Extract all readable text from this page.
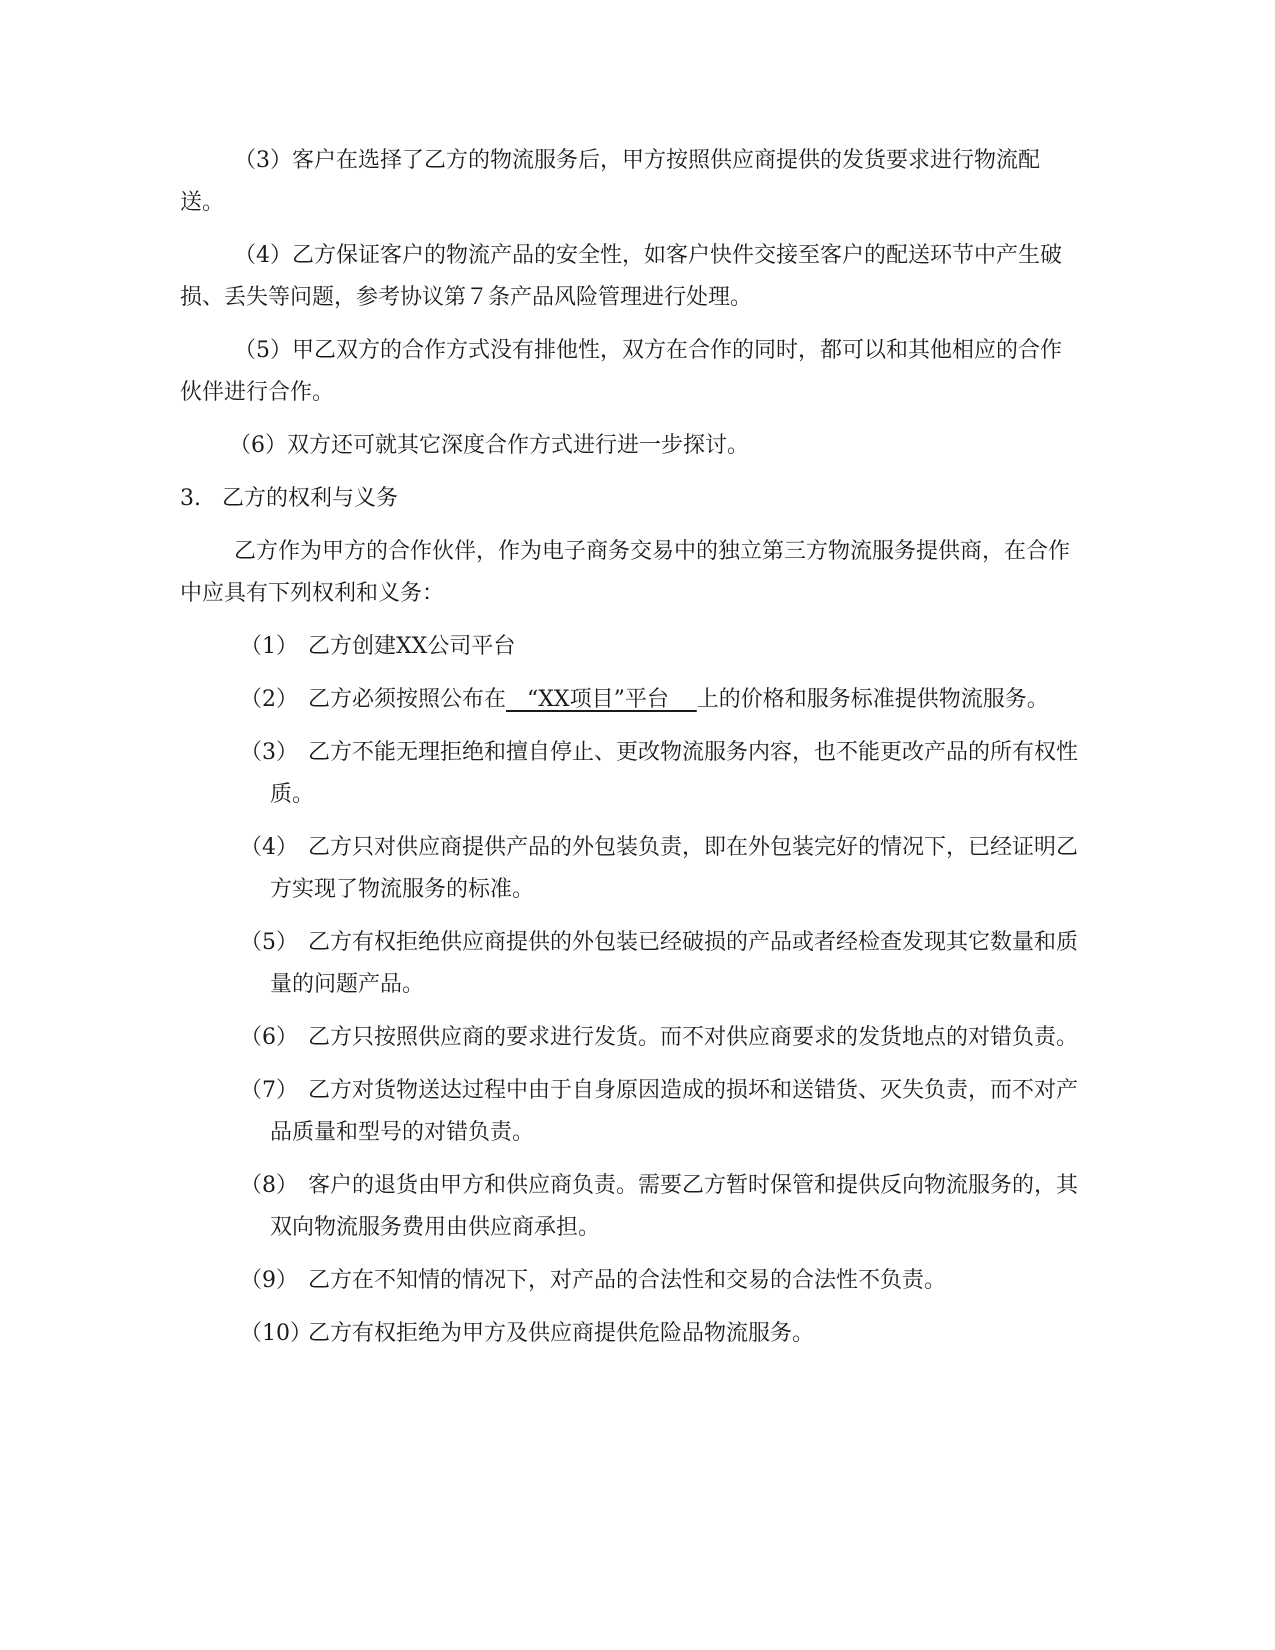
（3）客户在选择了乙方的物流服务后，甲方按照供应商提供的发货要求进行物流配送。

（4）乙方保证客户的物流产品的安全性，如客户快件交接至客户的配送环节中产生破损、丢失等问题，参考协议第７条产品风险管理进行处理。

（5）甲乙双方的合作方式没有排他性，双方在合作的同时，都可以和其他相应的合作伙伴进行合作。

（6）双方还可就其它深度合作方式进行进一步探讨。

3. 乙方的权利与义务

乙方作为甲方的合作伙伴，作为电子商务交易中的独立第三方物流服务提供商，在合作中应具有下列权利和义务：

（1） 乙方创建XX公司平台

（2） 乙方必须按照公布在   “XX项目”平台    上的价格和服务标准提供物流服务。

（3） 乙方不能无理拒绝和擅自停止、更改物流服务内容，也不能更改产品的所有权性质。

（4） 乙方只对供应商提供产品的外包装负责，即在外包装完好的情况下，已经证明乙方实现了物流服务的标准。

（5） 乙方有权拒绝供应商提供的外包装已经破损的产品或者经检查发现其它数量和质量的问题产品。

（6） 乙方只按照供应商的要求进行发货。而不对供应商要求的发货地点的对错负责。

（7） 乙方对货物送达过程中由于自身原因造成的损坏和送错货、灭失负责，而不对产品质量和型号的对错负责。

（8） 客户的退货由甲方和供应商负责。需要乙方暂时保管和提供反向物流服务的，其双向物流服务费用由供应商承担。

（9） 乙方在不知情的情况下，对产品的合法性和交易的合法性不负责。

（10）乙方有权拒绝为甲方及供应商提供危险品物流服务。
